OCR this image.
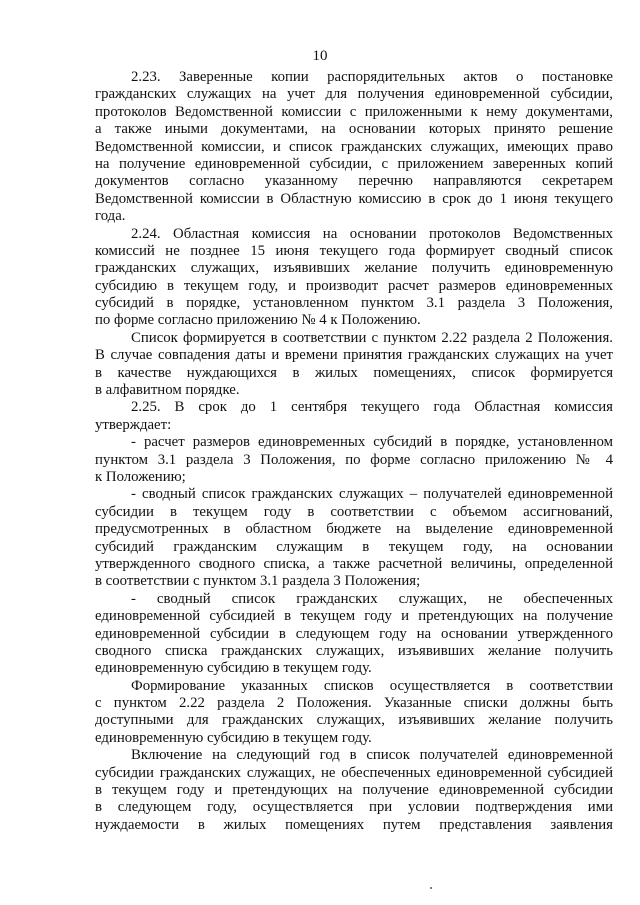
10
2.23. Заверенные копии распорядительных актов о постановке
гражданских служащих на учет для получения единовременной субсидии,
протоколов Ведомственной комиссии с приложенными к нему документами,
а также иными документами, на основании которых принято решение
Ведомственной комиссии, и список гражданских служащих, имеющих право
на получение единовременной субсидии, с приложением заверенных копий
документов согласно указанному перечню направляются секретарем
Ведомственной комиссии в Областную комиссию в срок до 1 июня текущего
года.
2.24. Областная комиссия на основании протоколов Ведомственных
комиссий не позднее 15 июня текущего года формирует сводный список
гражданских служащих, изъявивших желание получить единовременную
субсидию в текущем году, и производит расчет размеров единовременных
субсидий в порядке, установленном пунктом 3.1 раздела 3 Положения,
по форме согласно приложению № 4 к Положению.
Список формируется в соответствии с пунктом 2.22 раздела 2 Положения.
В случае совпадения даты и времени принятия гражданских служащих на учет
в качестве нуждающихся в жилых помещениях, список формируется
в алфавитном порядке.
2.25. В срок до 1 сентября текущего года Областная комиссия
утверждает:
- расчет размеров единовременных субсидий в порядке, установленном
пунктом 3.1 раздела 3 Положения, по форме согласно приложению № 4
к Положению;
- сводный список гражданских служащих – получателей единовременной
субсидии в текущем году в соответствии с объемом ассигнований,
предусмотренных в областном бюджете на выделение единовременной
субсидий гражданским служащим в текущем году, на основании
утвержденного сводного списка, а также расчетной величины, определенной
в соответствии с пунктом 3.1 раздела 3 Положения;
- сводный список гражданских служащих, не обеспеченных
единовременной субсидией в текущем году и претендующих на получение
единовременной субсидии в следующем году на основании утвержденного
сводного списка гражданских служащих, изъявивших желание получить
единовременную субсидию в текущем году.
Формирование указанных списков осуществляется в соответствии
с пунктом 2.22 раздела 2 Положения. Указанные списки должны быть
доступными для гражданских служащих, изъявивших желание получить
единовременную субсидию в текущем году.
Включение на следующий год в список получателей единовременной
субсидии гражданских служащих, не обеспеченных единовременной субсидией
в текущем году и претендующих на получение единовременной субсидии
в следующем году, осуществляется при условии подтверждения ими
нуждаемости в жилых помещениях путем представления заявления
